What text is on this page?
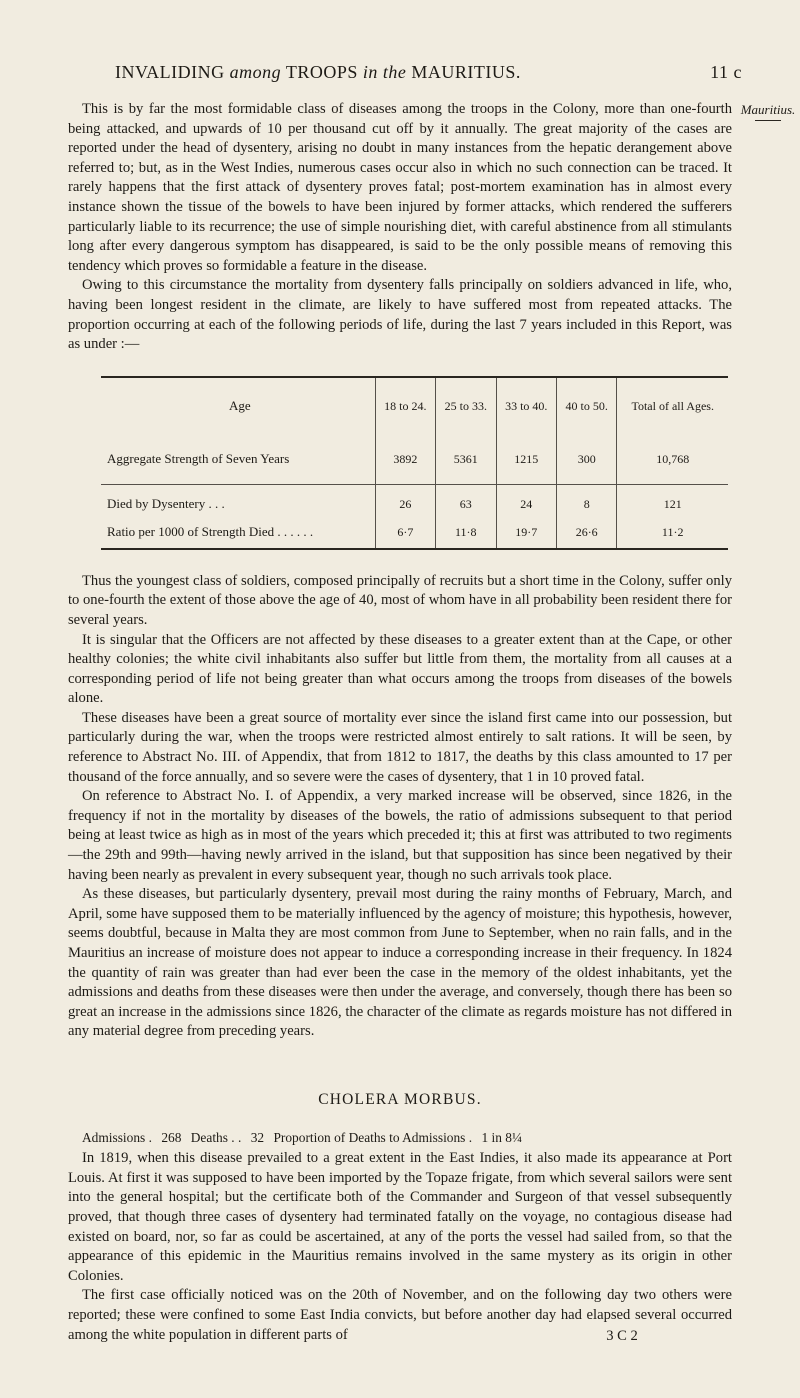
INVALIDING among TROOPS in the MAURITIUS.	11 c
Mauritius.

This is by far the most formidable class of diseases among the troops in the Colony, more than one-fourth being attacked, and upwards of 10 per thousand cut off by it annually. The great majority of the cases are reported under the head of dysentery, arising no doubt in many instances from the hepatic derangement above referred to; but, as in the West Indies, numerous cases occur also in which no such connection can be traced. It rarely happens that the first attack of dysentery proves fatal; post-mortem examination has in almost every instance shown the tissue of the bowels to have been injured by former attacks, which rendered the sufferers particularly liable to its recurrence; the use of simple nourishing diet, with careful abstinence from all stimulants long after every dangerous symptom has disappeared, is said to be the only possible means of removing this tendency which proves so formidable a feature in the disease.

Owing to this circumstance the mortality from dysentery falls principally on soldiers advanced in life, who, having been longest resident in the climate, are likely to have suffered most from repeated attacks. The proportion occurring at each of the following periods of life, during the last 7 years included in this Report, was as under :—

Age	18 to 24.	25 to 33.	33 to 40.	40 to 50.	Total of all Ages.
Aggregate Strength of Seven Years	3892	5361	1215	300	10,768
Died by Dysentery . . .	26	63	24	8	121
Ratio per 1000 of Strength Died . . . . . .	6·7	11·8	19·7	26·6	11·2

Thus the youngest class of soldiers, composed principally of recruits but a short time in the Colony, suffer only to one-fourth the extent of those above the age of 40, most of whom have in all probability been resident there for several years.

It is singular that the Officers are not affected by these diseases to a greater extent than at the Cape, or other healthy colonies; the white civil inhabitants also suffer but little from them, the mortality from all causes at a corresponding period of life not being greater than what occurs among the troops from diseases of the bowels alone.

These diseases have been a great source of mortality ever since the island first came into our possession, but particularly during the war, when the troops were restricted almost entirely to salt rations. It will be seen, by reference to Abstract No. III. of Appendix, that from 1812 to 1817, the deaths by this class amounted to 17 per thousand of the force annually, and so severe were the cases of dysentery, that 1 in 10 proved fatal.

On reference to Abstract No. I. of Appendix, a very marked increase will be observed, since 1826, in the frequency if not in the mortality by diseases of the bowels, the ratio of admissions subsequent to that period being at least twice as high as in most of the years which preceded it; this at first was attributed to two regiments—the 29th and 99th—having newly arrived in the island, but that supposition has since been negatived by their having been nearly as prevalent in every subsequent year, though no such arrivals took place.

As these diseases, but particularly dysentery, prevail most during the rainy months of February, March, and April, some have supposed them to be materially influenced by the agency of moisture; this hypothesis, however, seems doubtful, because in Malta they are most common from June to September, when no rain falls, and in the Mauritius an increase of moisture does not appear to induce a corresponding increase in their frequency. In 1824 the quantity of rain was greater than had ever been the case in the memory of the oldest inhabitants, yet the admissions and deaths from these diseases were then under the average, and conversely, though there has been so great an increase in the admissions since 1826, the character of the climate as regards moisture has not differed in any material degree from preceding years.

CHOLERA MORBUS.
Admissions . 268 Deaths . . 32 Proportion of Deaths to Admissions . 1 in 8¼

In 1819, when this disease prevailed to a great extent in the East Indies, it also made its appearance at Port Louis. At first it was supposed to have been imported by the Topaze frigate, from which several sailors were sent into the general hospital; but the certificate both of the Commander and Surgeon of that vessel subsequently proved, that though three cases of dysentery had terminated fatally on the voyage, no contagious disease had existed on board, nor, so far as could be ascertained, at any of the ports the vessel had sailed from, so that the appearance of this epidemic in the Mauritius remains involved in the same mystery as its origin in other Colonies.

The first case officially noticed was on the 20th of November, and on the following day two others were reported; these were confined to some East India convicts, but before another day had elapsed several occurred among the white population in different parts of	3 C 2
